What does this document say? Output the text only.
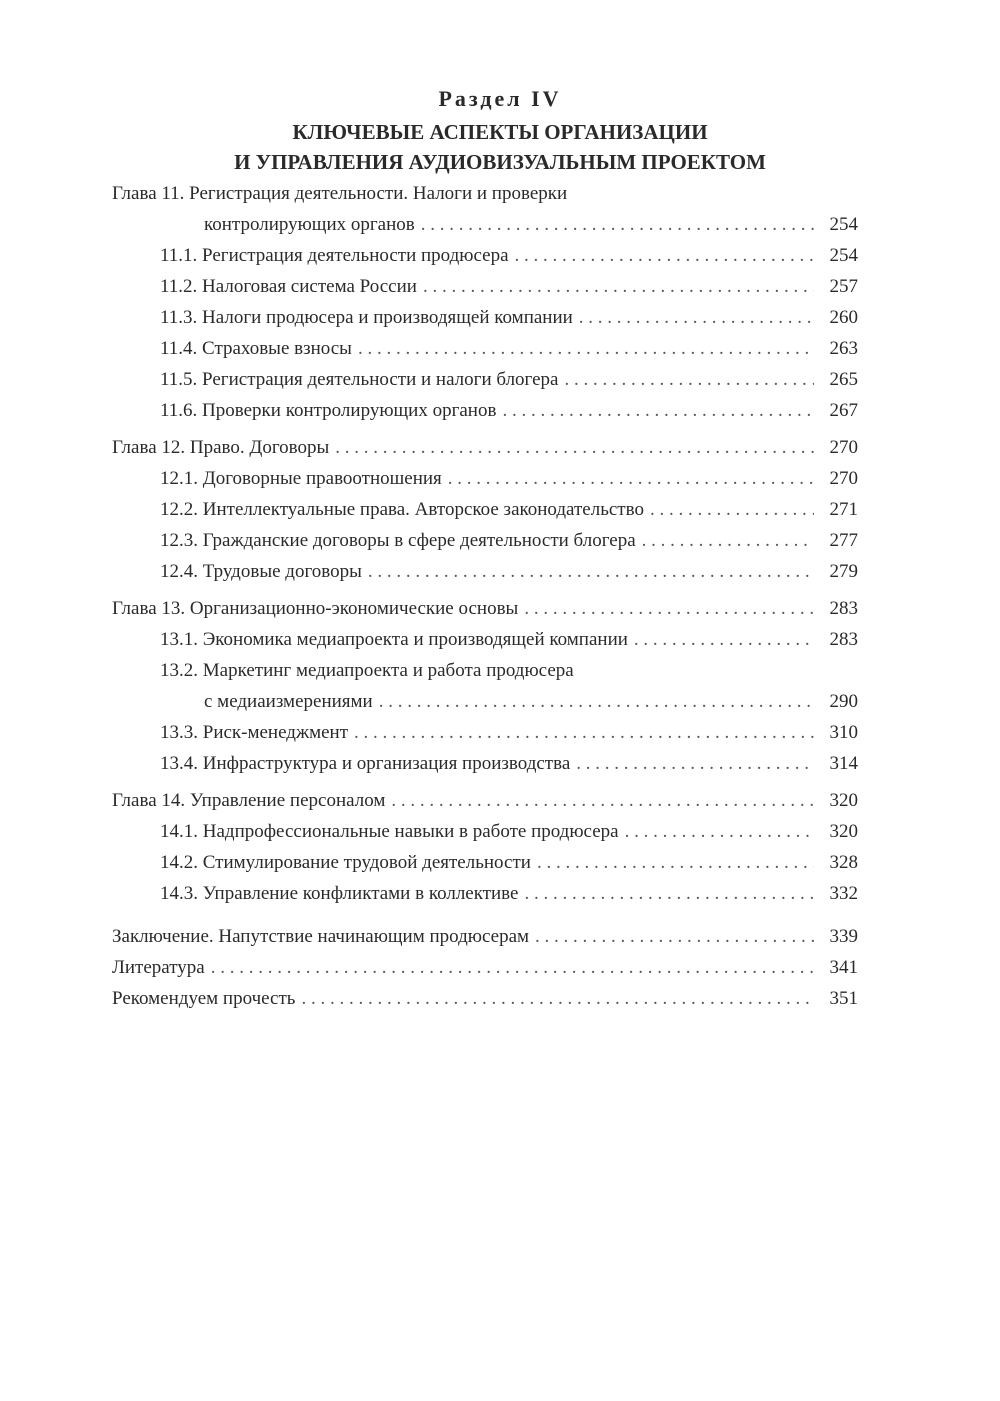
Раздел IV
КЛЮЧЕВЫЕ АСПЕКТЫ ОРГАНИЗАЦИИ
И УПРАВЛЕНИЯ АУДИОВИЗУАЛЬНЫМ ПРОЕКТОМ
Глава 11. Регистрация деятельности. Налоги и проверки
контролирующих органов . . .	254
11.1. Регистрация деятельности продюсера . . .	254
11.2. Налоговая система России . . .	257
11.3. Налоги продюсера и производящей компании . . .	260
11.4. Страховые взносы . . .	263
11.5. Регистрация деятельности и налоги блогера . . .	265
11.6. Проверки контролирующих органов . . .	267
Глава 12. Право. Договоры . . .	270
12.1. Договорные правоотношения . . .	270
12.2. Интеллектуальные права. Авторское законодательство . . .	271
12.3. Гражданские договоры в сфере деятельности блогера . . .	277
12.4. Трудовые договоры . . .	279
Глава 13. Организационно-экономические основы . . .	283
13.1. Экономика медиапроекта и производящей компании . . .	283
13.2. Маркетинг медиапроекта и работа продюсера
с медиаизмерениями . . .	290
13.3. Риск-менеджмент . . .	310
13.4. Инфраструктура и организация производства . . .	314
Глава 14. Управление персоналом . . .	320
14.1. Надпрофессиональные навыки в работе продюсера . . .	320
14.2. Стимулирование трудовой деятельности . . .	328
14.3. Управление конфликтами в коллективе . . .	332
Заключение. Напутствие начинающим продюсерам . . .	339
Литература . . .	341
Рекомендуем прочесть . . .	351
